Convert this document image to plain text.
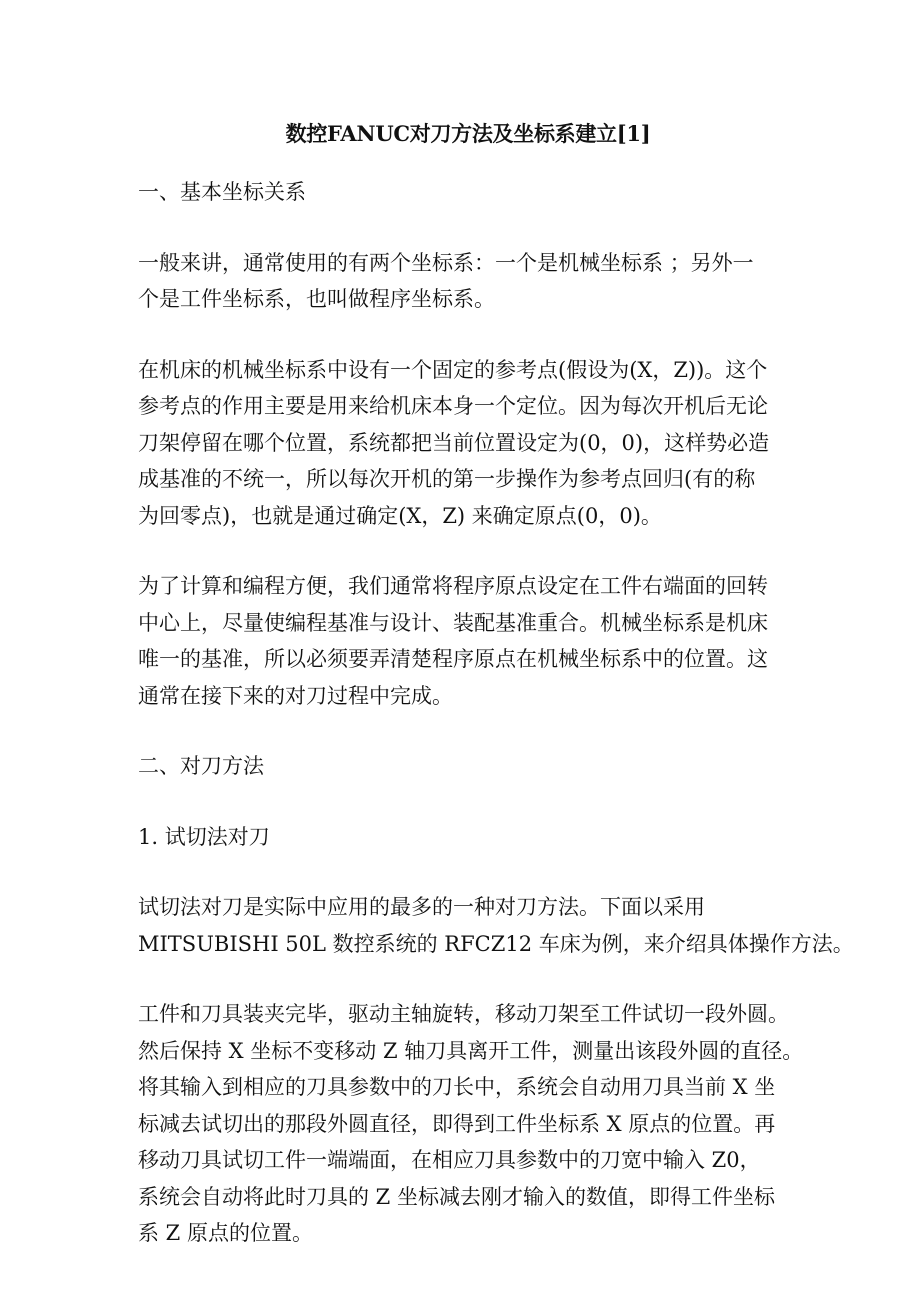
数控FANUC对刀方法及坐标系建立[1]
一、基本坐标关系
一般来讲，通常使用的有两个坐标系：一个是机械坐标系 ；另外一
个是工件坐标系，也叫做程序坐标系。
在机床的机械坐标系中设有一个固定的参考点(假设为(X，Z))。这个
参考点的作用主要是用来给机床本身一个定位。因为每次开机后无论
刀架停留在哪个位置，系统都把当前位置设定为(0，0)，这样势必造
成基准的不统一，所以每次开机的第一步操作为参考点回归(有的称
为回零点)，也就是通过确定(X，Z) 来确定原点(0，0)。
为了计算和编程方便，我们通常将程序原点设定在工件右端面的回转
中心上，尽量使编程基准与设计、装配基准重合。机械坐标系是机床
唯一的基准，所以必须要弄清楚程序原点在机械坐标系中的位置。这
通常在接下来的对刀过程中完成。
二、对刀方法
1. 试切法对刀
试切法对刀是实际中应用的最多的一种对刀方法。下面以采用
MITSUBISHI 50L 数控系统的 RFCZ12 车床为例，来介绍具体操作方法。
工件和刀具装夹完毕，驱动主轴旋转，移动刀架至工件试切一段外圆。
然后保持 X 坐标不变移动 Z 轴刀具离开工件，测量出该段外圆的直径。
将其输入到相应的刀具参数中的刀长中，系统会自动用刀具当前 X 坐
标减去试切出的那段外圆直径，即得到工件坐标系 X 原点的位置。再
移动刀具试切工件一端端面，在相应刀具参数中的刀宽中输入 Z0，
系统会自动将此时刀具的 Z 坐标减去刚才输入的数值，即得工件坐标
系 Z 原点的位置。
